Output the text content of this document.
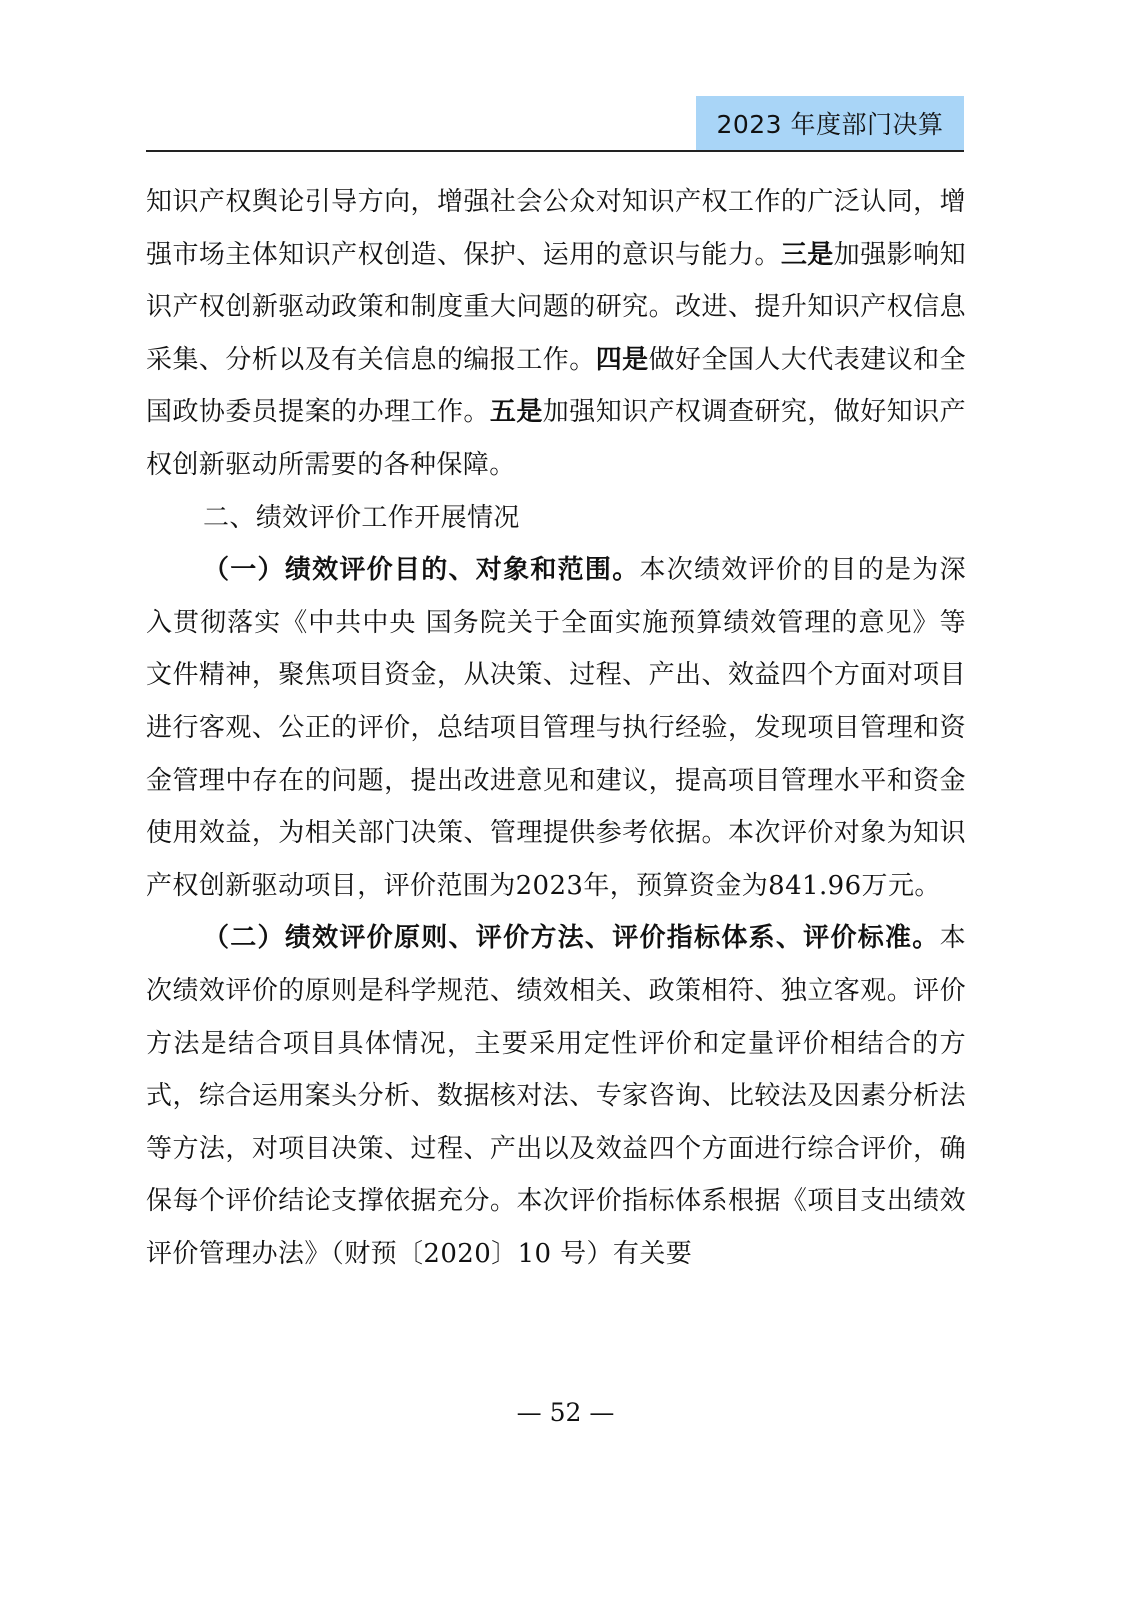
2023 年度部门决算

知识产权舆论引导方向，增强社会公众对知识产权工作的广泛认同，增强市场主体知识产权创造、保护、运用的意识与能力。三是加强影响知识产权创新驱动政策和制度重大问题的研究。改进、提升知识产权信息采集、分析以及有关信息的编报工作。四是做好全国人大代表建议和全国政协委员提案的办理工作。五是加强知识产权调查研究，做好知识产权创新驱动所需要的各种保障。

二、绩效评价工作开展情况

（一）绩效评价目的、对象和范围。本次绩效评价的目的是为深入贯彻落实《中共中央 国务院关于全面实施预算绩效管理的意见》等文件精神，聚焦项目资金，从决策、过程、产出、效益四个方面对项目进行客观、公正的评价，总结项目管理与执行经验，发现项目管理和资金管理中存在的问题，提出改进意见和建议，提高项目管理水平和资金使用效益，为相关部门决策、管理提供参考依据。本次评价对象为知识产权创新驱动项目，评价范围为2023年，预算资金为841.96万元。

（二）绩效评价原则、评价方法、评价指标体系、评价标准。本次绩效评价的原则是科学规范、绩效相关、政策相符、独立客观。评价方法是结合项目具体情况，主要采用定性评价和定量评价相结合的方式，综合运用案头分析、数据核对法、专家咨询、比较法及因素分析法等方法，对项目决策、过程、产出以及效益四个方面进行综合评价，确保每个评价结论支撑依据充分。本次评价指标体系根据《项目支出绩效评价管理办法》（财预〔2020〕10 号）有关要

— 52 —
